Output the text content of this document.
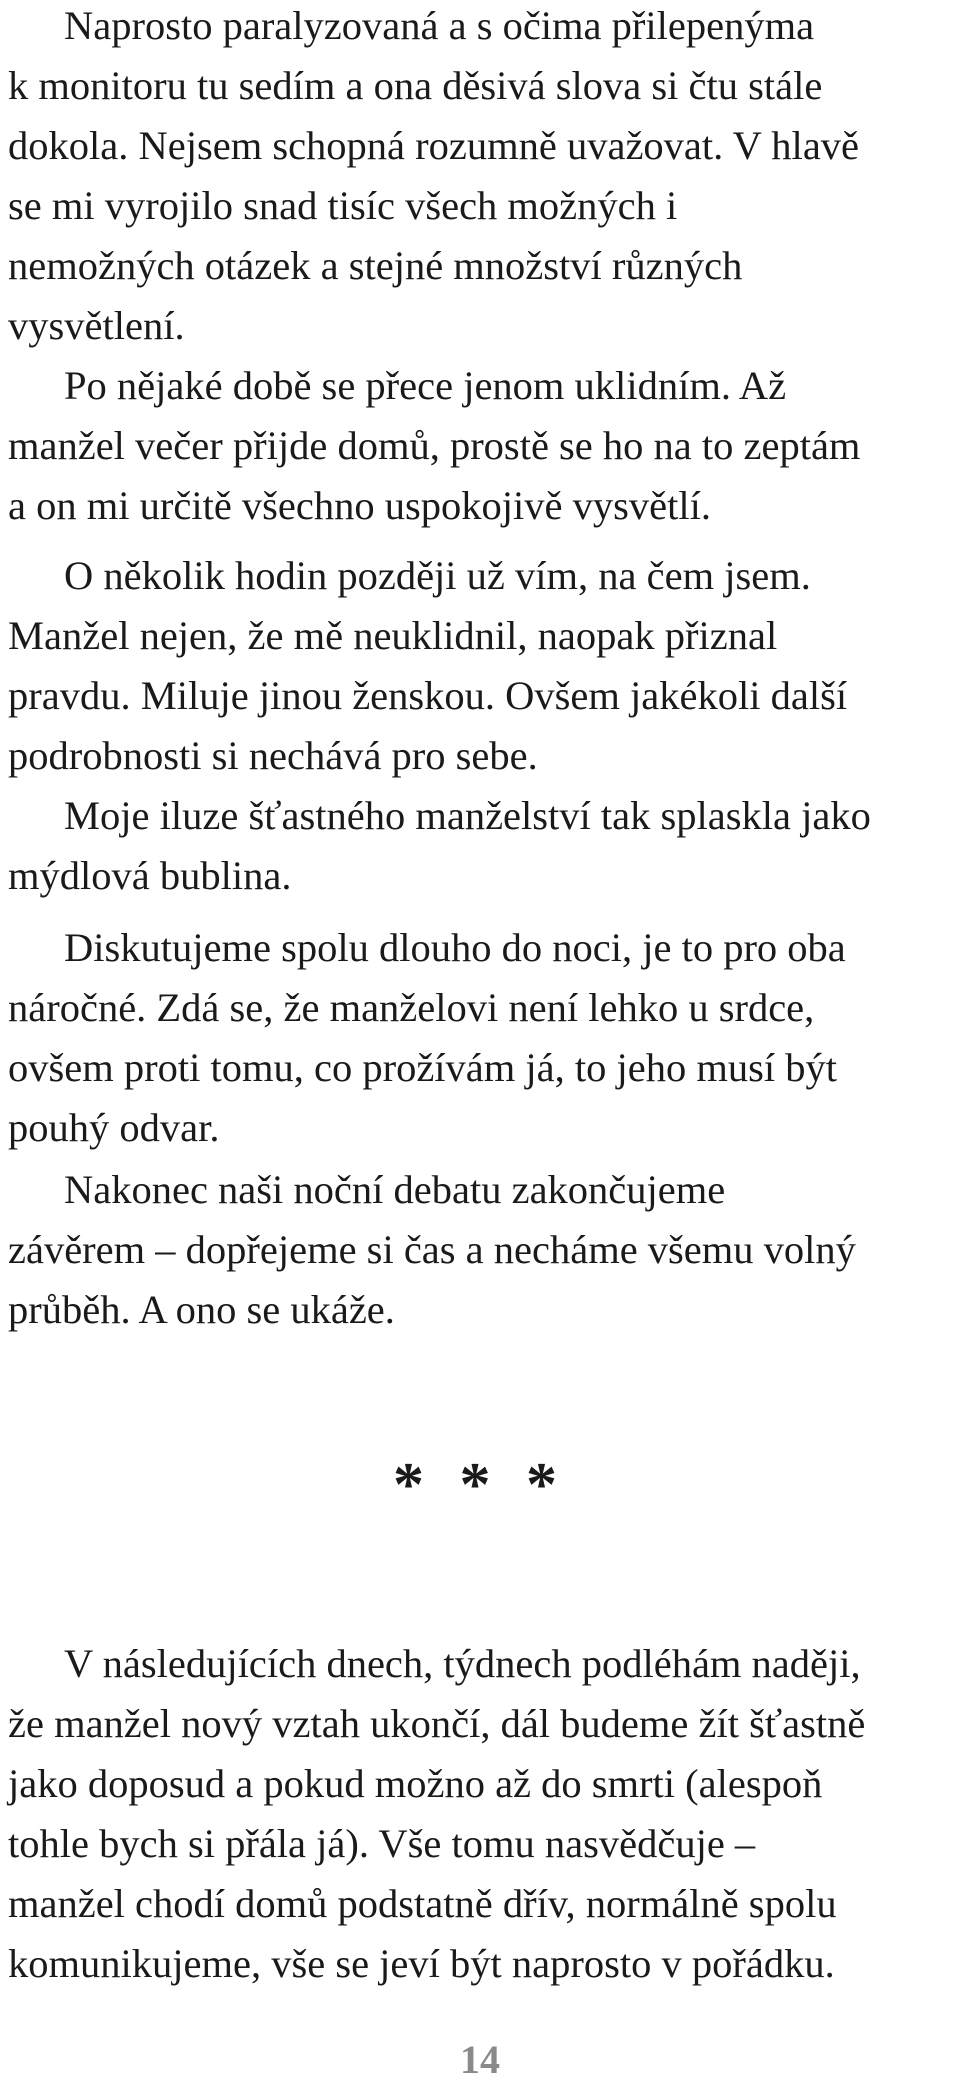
Naprosto paralyzovaná a s očima přilepenýma
k monitoru tu sedím a ona děsivá slova si čtu stále
dokola. Nejsem schopná rozumně uvažovat. V hlavě
se mi vyrojilo snad tisíc všech možných i
nemožných otázek a stejné množství různých
vysvětlení.

Po nějaké době se přece jenom uklidním. Až
manžel večer přijde domů, prostě se ho na to zeptám
a on mi určitě všechno uspokojivě vysvětlí.

O několik hodin později už vím, na čem jsem.
Manžel nejen, že mě neuklidnil, naopak přiznal
pravdu. Miluje jinou ženskou. Ovšem jakékoli další
podrobnosti si nechává pro sebe.

Moje iluze šťastného manželství tak splaskla jako
mýdlová bublina.

Diskutujeme spolu dlouho do noci, je to pro oba
náročné. Zdá se, že manželovi není lehko u srdce,
ovšem proti tomu, co prožívám já, to jeho musí být
pouhý odvar.

Nakonec naši noční debatu zakončujeme
závěrem – dopřejeme si čas a necháme všemu volný
průběh. A ono se ukáže.

* * *

V následujících dnech, týdnech podléhám naději,
že manžel nový vztah ukončí, dál budeme žít šťastně
jako doposud a pokud možno až do smrti (alespoň
tohle bych si přála já). Vše tomu nasvědčuje –
manžel chodí domů podstatně dřív, normálně spolu
komunikujeme, vše se jeví být naprosto v pořádku.

14
